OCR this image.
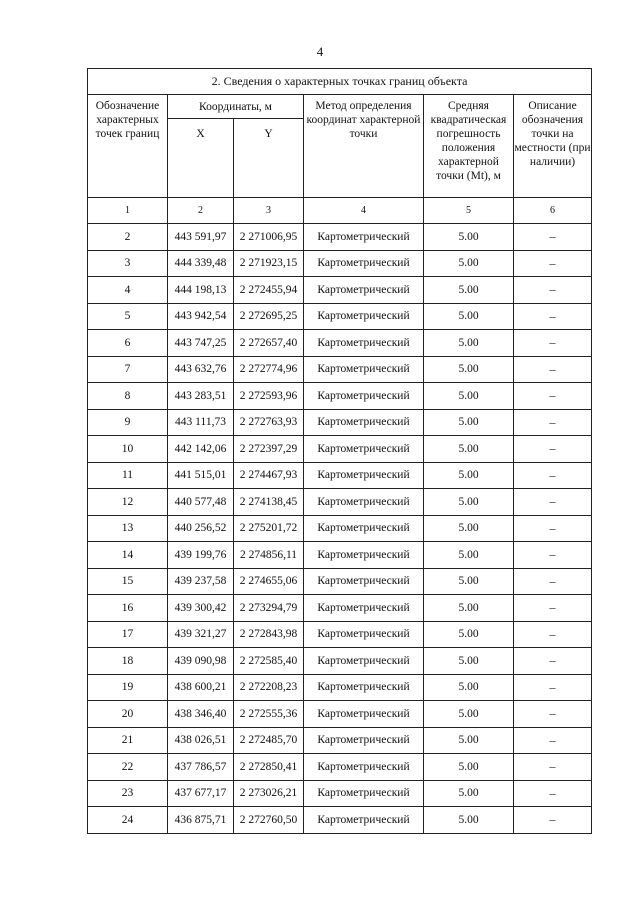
4
2. Сведения о характерных точках границ объекта					
Обозначение характерных точек границ	Координаты, м		Метод определения координат характерной точки	Средняя квадратическая погрешность положения характерной точки (Mt), м	Описание обозначения точки на местности (при наличии)
	X	Y			
1	2	3	4	5	6
2	443 591,97	2 271006,95	Картометрический	5.00	–
3	444 339,48	2 271923,15	Картометрический	5.00	–
4	444 198,13	2 272455,94	Картометрический	5.00	–
5	443 942,54	2 272695,25	Картометрический	5.00	–
6	443 747,25	2 272657,40	Картометрический	5.00	–
7	443 632,76	2 272774,96	Картометрический	5.00	–
8	443 283,51	2 272593,96	Картометрический	5.00	–
9	443 111,73	2 272763,93	Картометрический	5.00	–
10	442 142,06	2 272397,29	Картометрический	5.00	–
11	441 515,01	2 274467,93	Картометрический	5.00	–
12	440 577,48	2 274138,45	Картометрический	5.00	–
13	440 256,52	2 275201,72	Картометрический	5.00	–
14	439 199,76	2 274856,11	Картометрический	5.00	–
15	439 237,58	2 274655,06	Картометрический	5.00	–
16	439 300,42	2 273294,79	Картометрический	5.00	–
17	439 321,27	2 272843,98	Картометрический	5.00	–
18	439 090,98	2 272585,40	Картометрический	5.00	–
19	438 600,21	2 272208,23	Картометрический	5.00	–
20	438 346,40	2 272555,36	Картометрический	5.00	–
21	438 026,51	2 272485,70	Картометрический	5.00	–
22	437 786,57	2 272850,41	Картометрический	5.00	–
23	437 677,17	2 273026,21	Картометрический	5.00	–
24	436 875,71	2 272760,50	Картометрический	5.00	–
